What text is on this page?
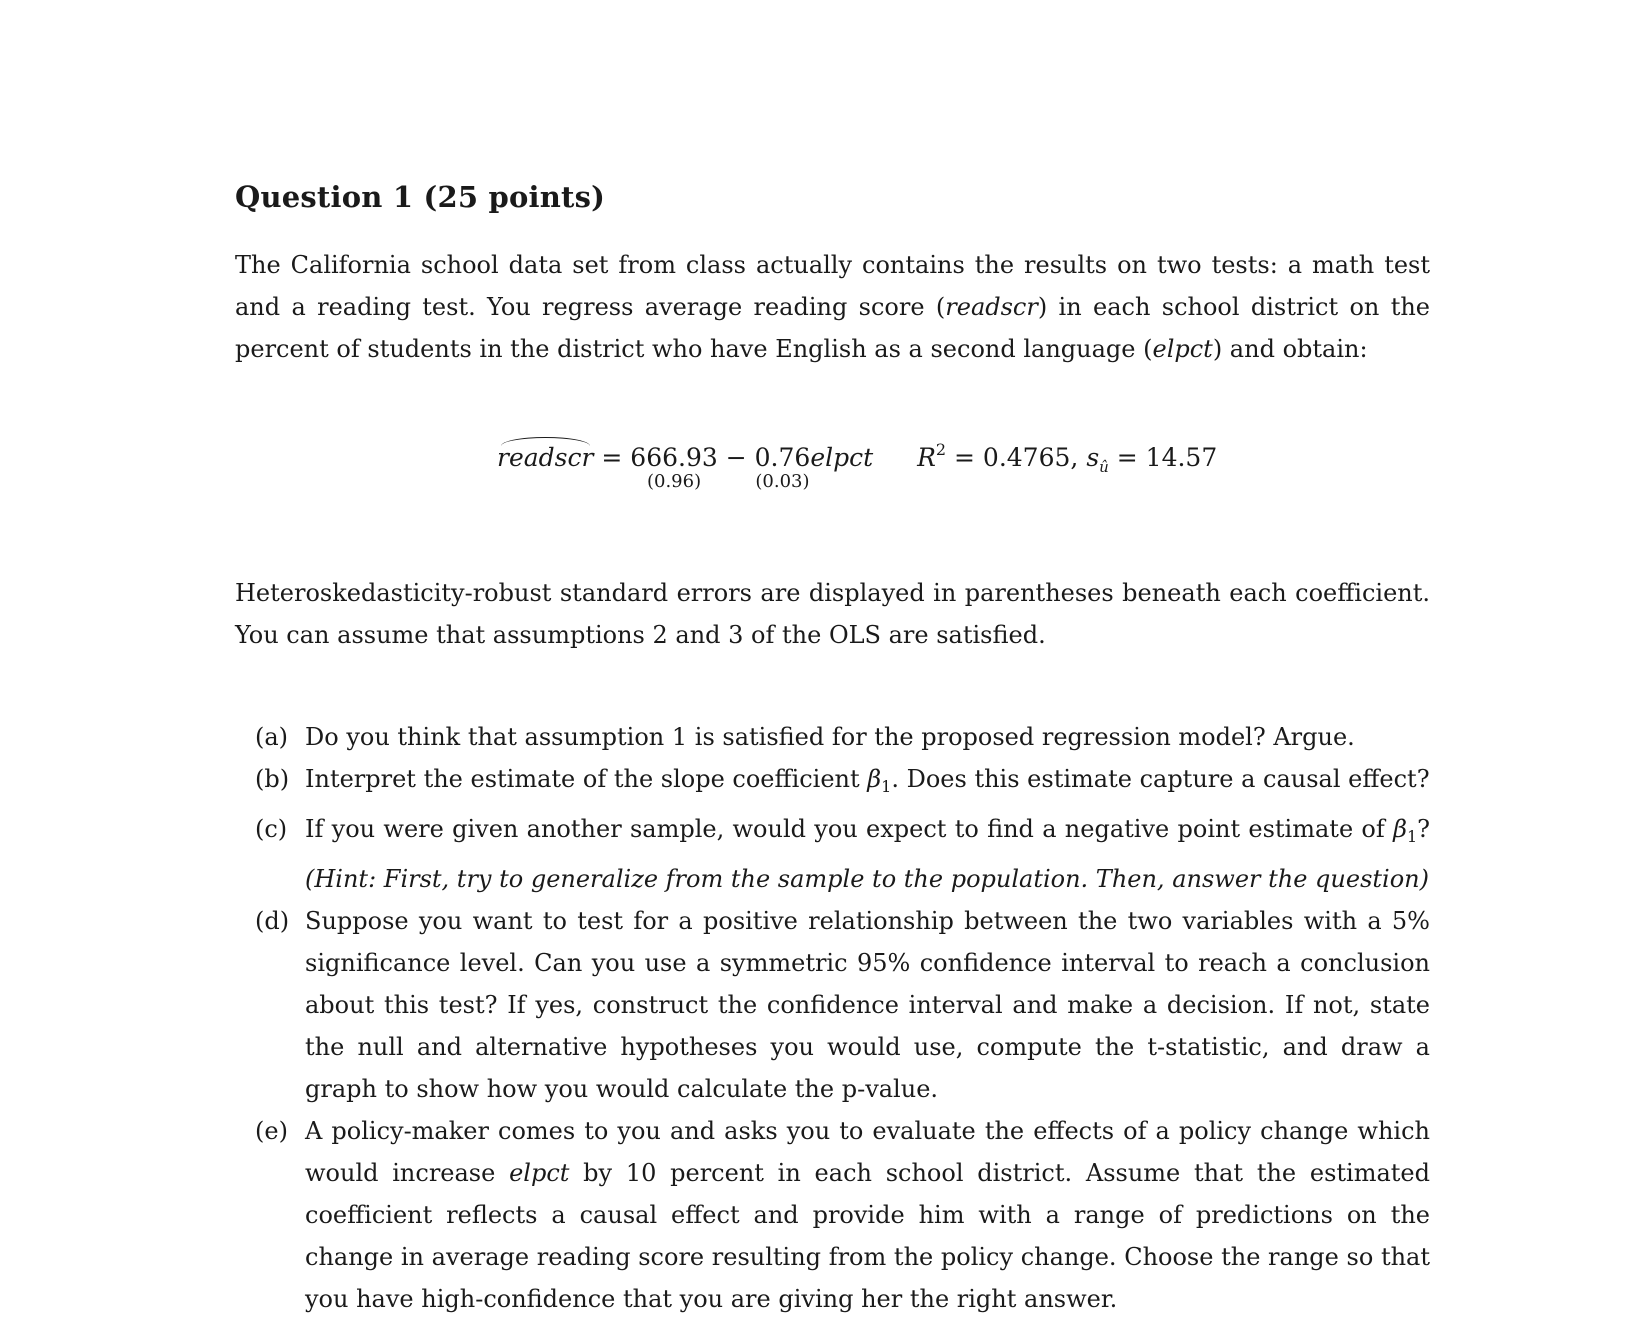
Question 1 (25 points)

The California school data set from class actually contains the results on two tests: a math test and a reading test. You regress average reading score (readscr) in each school district on the percent of students in the district who have English as a second language (elpct) and obtain:

readscr = 666.93
(0.96)
− 0.76
(0.03)
elpct $R^2 = 0.4765$, $s_û = 14.57$

Heteroskedasticity-robust standard errors are displayed in parentheses beneath each coefficient. You can assume that assumptions 2 and 3 of the OLS are satisfied.

(a) Do you think that assumption 1 is satisfied for the proposed regression model? Argue.
(b) Interpret the estimate of the slope coefficient $\beta_1$. Does this estimate capture a causal effect?
(c) If you were given another sample, would you expect to find a negative point estimate of $\beta_1$? (Hint: First, try to generalize from the sample to the population. Then, answer the question)
(d) Suppose you want to test for a positive relationship between the two variables with a 5% significance level. Can you use a symmetric 95% confidence interval to reach a conclusion about this test? If yes, construct the confidence interval and make a decision. If not, state the null and alternative hypotheses you would use, compute the t-statistic, and draw a graph to show how you would calculate the p-value.
(e) A policy-maker comes to you and asks you to evaluate the effects of a policy change which would increase elpct by 10 percent in each school district. Assume that the estimated coefficient reflects a causal effect and provide him with a range of predictions on the change in average reading score resulting from the policy change. Choose the range so that you have high-confidence that you are giving her the right answer.
